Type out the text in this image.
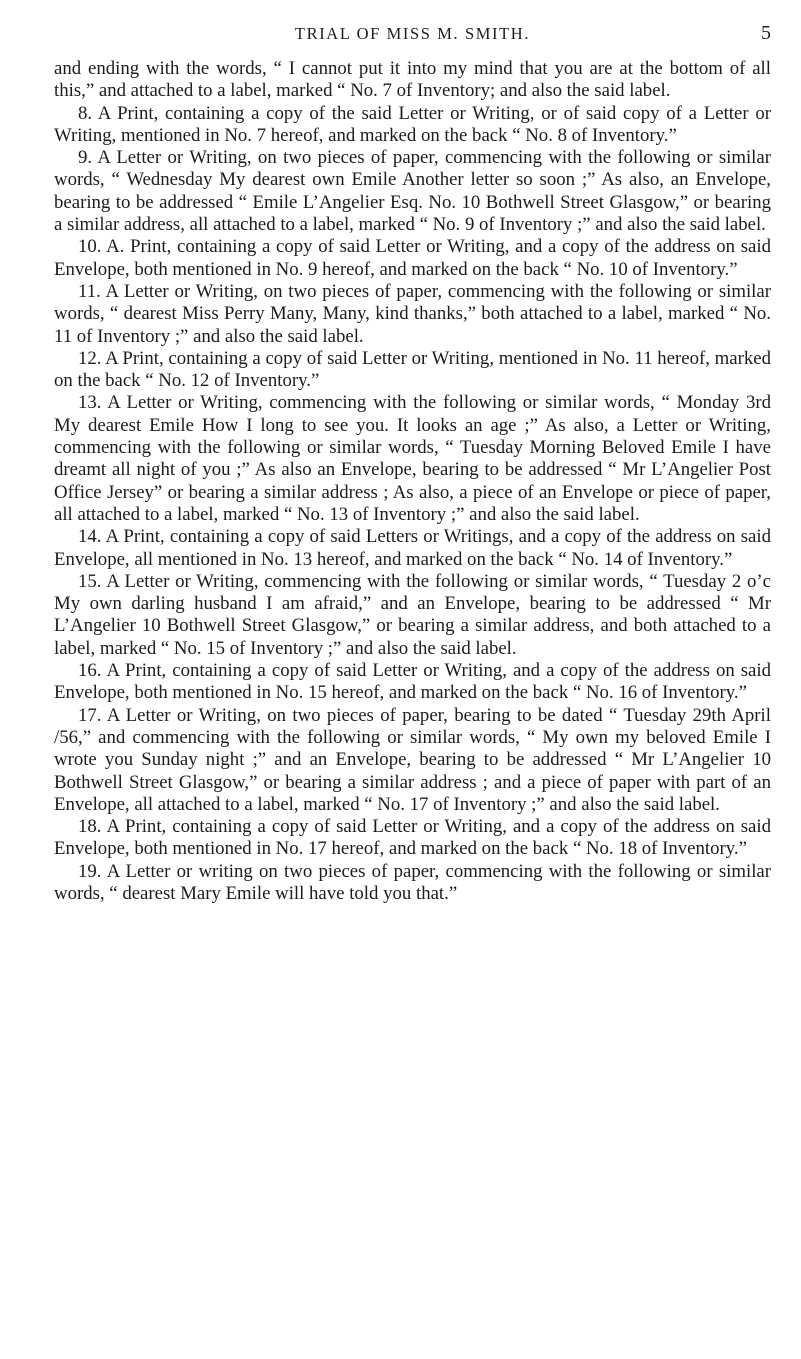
TRIAL OF MISS M. SMITH.	5

and ending with the words, “ I cannot put it into my mind that you are at the bottom of all this,” and attached to a label, marked “ No. 7 of Inventory; and also the said label.

8. A Print, containing a copy of the said Letter or Writing, or of said copy of a Letter or Writing, mentioned in No. 7 hereof, and marked on the back “ No. 8 of Inventory.”

9. A Letter or Writing, on two pieces of paper, commencing with the following or similar words, “ Wednesday My dearest own Emile Another letter so soon ;” As also, an Envelope, bearing to be addressed “ Emile L’Angelier Esq. No. 10 Bothwell Street Glasgow,” or bearing a similar address, all attached to a label, marked “ No. 9 of Inventory ;” and also the said label.

10. A. Print, containing a copy of said Letter or Writing, and a copy of the address on said Envelope, both mentioned in No. 9 hereof, and marked on the back “ No. 10 of Inventory.”

11. A Letter or Writing, on two pieces of paper, commencing with the following or similar words, “ dearest Miss Perry Many, Many, kind thanks,” both attached to a label, marked “ No. 11 of Inventory ;” and also the said label.

12. A Print, containing a copy of said Letter or Writing, mentioned in No. 11 hereof, marked on the back “ No. 12 of Inventory.”

13. A Letter or Writing, commencing with the following or similar words, “ Monday 3rd My dearest Emile How I long to see you. It looks an age ;” As also, a Letter or Writing, commencing with the following or similar words, “ Tuesday Morning Beloved Emile I have dreamt all night of you ;” As also an Envelope, bearing to be addressed “ Mr L’Angelier Post Office Jersey” or bearing a similar address ; As also, a piece of an Envelope or piece of paper, all attached to a label, marked “ No. 13 of Inventory ;” and also the said label.

14. A Print, containing a copy of said Letters or Writings, and a copy of the address on said Envelope, all mentioned in No. 13 hereof, and marked on the back “ No. 14 of Inventory.”

15. A Letter or Writing, commencing with the following or similar words, “ Tuesday 2 o’c My own darling husband I am afraid,” and an Envelope, bearing to be addressed “ Mr L’Angelier 10 Bothwell Street Glasgow,” or bearing a similar address, and both attached to a label, marked “ No. 15 of Inventory ;” and also the said label.

16. A Print, containing a copy of said Letter or Writing, and a copy of the address on said Envelope, both mentioned in No. 15 hereof, and marked on the back “ No. 16 of Inventory.”

17. A Letter or Writing, on two pieces of paper, bearing to be dated “ Tuesday 29th April /56,” and commencing with the following or similar words, “ My own my beloved Emile I wrote you Sunday night ;” and an Envelope, bearing to be addressed “ Mr L’Angelier 10 Bothwell Street Glasgow,” or bearing a similar address ; and a piece of paper with part of an Envelope, all attached to a label, marked “ No. 17 of Inventory ;” and also the said label.

18. A Print, containing a copy of said Letter or Writing, and a copy of the address on said Envelope, both mentioned in No. 17 hereof, and marked on the back “ No. 18 of Inventory.”

19. A Letter or writing on two pieces of paper, commencing with the following or similar words, “ dearest Mary Emile will have told you that.”
